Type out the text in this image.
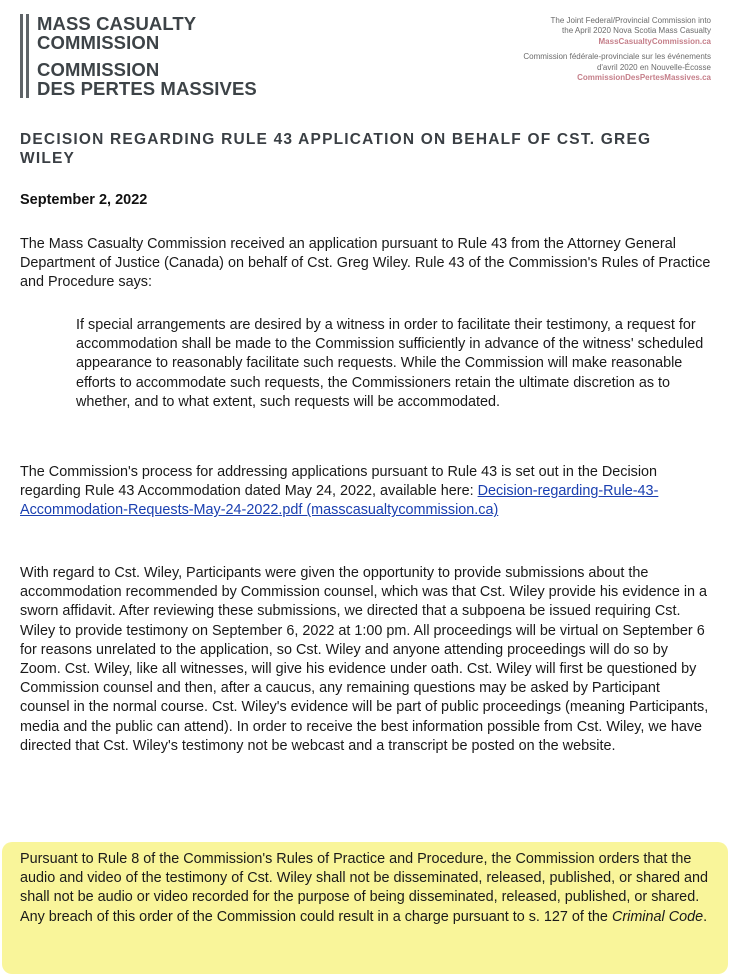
MASS CASUALTY
COMMISSION
COMMISSION
DES PERTES MASSIVES
The Joint Federal/Provincial Commission into
the April 2020 Nova Scotia Mass Casualty
MassCasualtyCommission.ca
Commission fédérale-provinciale sur les événements
d'avril 2020 en Nouvelle-Écosse
CommissionDesPertesMassives.ca
DECISION REGARDING RULE 43 APPLICATION ON BEHALF OF CST. GREG WILEY
September 2, 2022
The Mass Casualty Commission received an application pursuant to Rule 43 from the Attorney General Department of Justice (Canada) on behalf of Cst. Greg Wiley. Rule 43 of the Commission's Rules of Practice and Procedure says:
If special arrangements are desired by a witness in order to facilitate their testimony, a request for accommodation shall be made to the Commission sufficiently in advance of the witness' scheduled appearance to reasonably facilitate such requests. While the Commission will make reasonable efforts to accommodate such requests, the Commissioners retain the ultimate discretion as to whether, and to what extent, such requests will be accommodated.
The Commission's process for addressing applications pursuant to Rule 43 is set out in the Decision regarding Rule 43 Accommodation dated May 24, 2022, available here: Decision-regarding-Rule-43-Accommodation-Requests-May-24-2022.pdf (masscasualtycommission.ca)
With regard to Cst. Wiley, Participants were given the opportunity to provide submissions about the accommodation recommended by Commission counsel, which was that Cst. Wiley provide his evidence in a sworn affidavit. After reviewing these submissions, we directed that a subpoena be issued requiring Cst. Wiley to provide testimony on September 6, 2022 at 1:00 pm. All proceedings will be virtual on September 6 for reasons unrelated to the application, so Cst. Wiley and anyone attending proceedings will do so by Zoom. Cst. Wiley, like all witnesses, will give his evidence under oath. Cst. Wiley will first be questioned by Commission counsel and then, after a caucus, any remaining questions may be asked by Participant counsel in the normal course. Cst. Wiley's evidence will be part of public proceedings (meaning Participants, media and the public can attend). In order to receive the best information possible from Cst. Wiley, we have directed that Cst. Wiley's testimony not be webcast and a transcript be posted on the website.
Pursuant to Rule 8 of the Commission's Rules of Practice and Procedure, the Commission orders that the audio and video of the testimony of Cst. Wiley shall not be disseminated, released, published, or shared and shall not be audio or video recorded for the purpose of being disseminated, released, published, or shared. Any breach of this order of the Commission could result in a charge pursuant to s. 127 of the Criminal Code.
